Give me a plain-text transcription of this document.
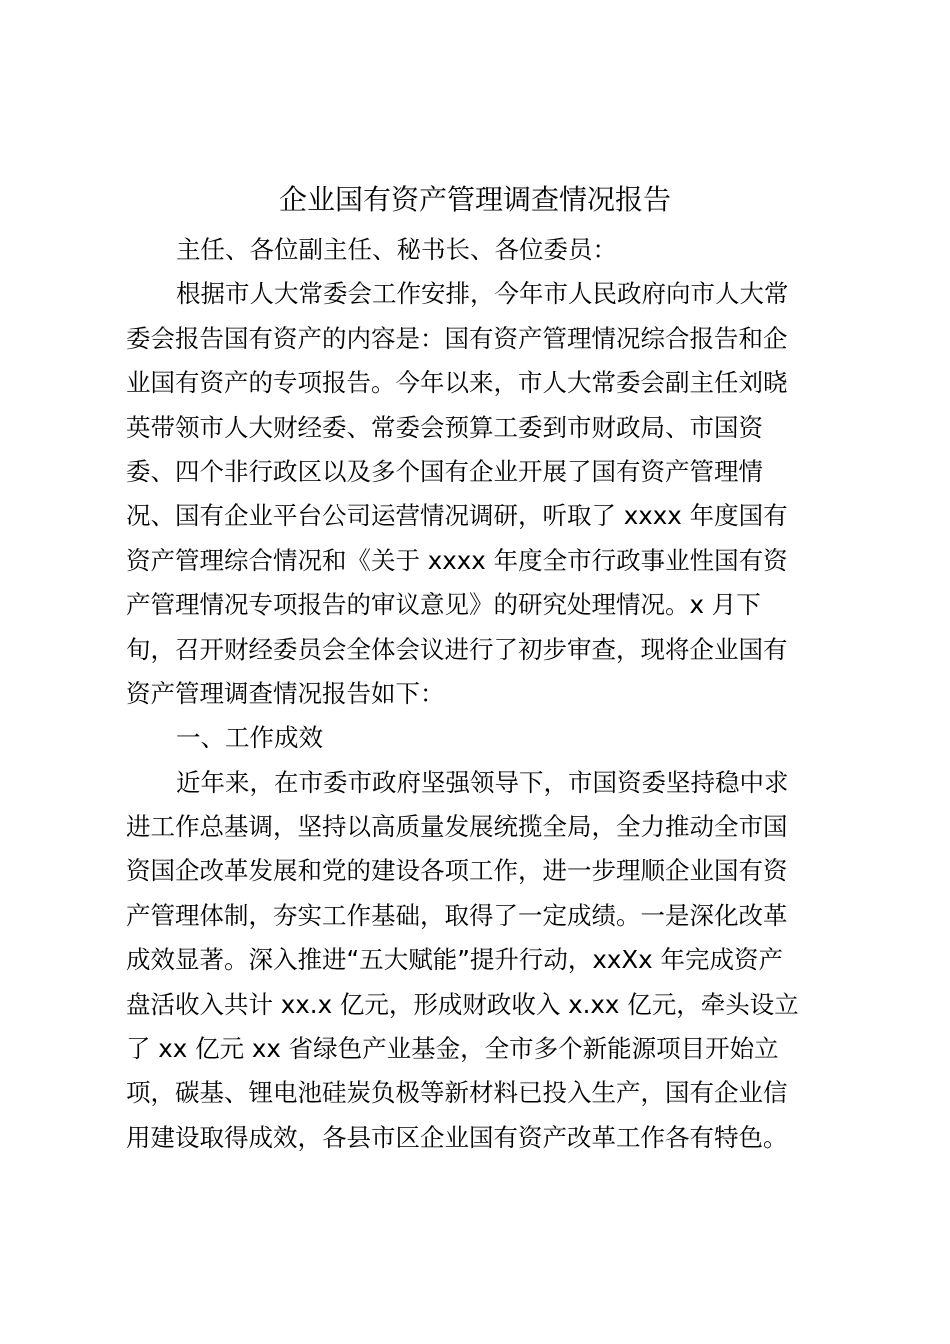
企业国有资产管理调查情况报告
主任、各位副主任、秘书长、各位委员：
根据市人大常委会工作安排，今年市人民政府向市人大常
委会报告国有资产的内容是：国有资产管理情况综合报告和企
业国有资产的专项报告。今年以来，市人大常委会副主任刘晓
英带领市人大财经委、常委会预算工委到市财政局、市国资
委、四个非行政区以及多个国有企业开展了国有资产管理情
况、国有企业平台公司运营情况调研，听取了 xxxx 年度国有
资产管理综合情况和《关于 xxxx 年度全市行政事业性国有资
产管理情况专项报告的审议意见》的研究处理情况。x 月下
旬，召开财经委员会全体会议进行了初步审查，现将企业国有
资产管理调查情况报告如下：
一、工作成效
近年来，在市委市政府坚强领导下，市国资委坚持稳中求
进工作总基调，坚持以高质量发展统揽全局，全力推动全市国
资国企改革发展和党的建设各项工作，进一步理顺企业国有资
产管理体制，夯实工作基础，取得了一定成绩。一是深化改革
成效显著。深入推进“五大赋能”提升行动，xxXx 年完成资产
盘活收入共计 xx.x 亿元，形成财政收入 x.xx 亿元，牵头设立
了 xx 亿元 xx 省绿色产业基金，全市多个新能源项目开始立
项，碳基、锂电池硅炭负极等新材料已投入生产，国有企业信
用建设取得成效，各县市区企业国有资产改革工作各有特色。
